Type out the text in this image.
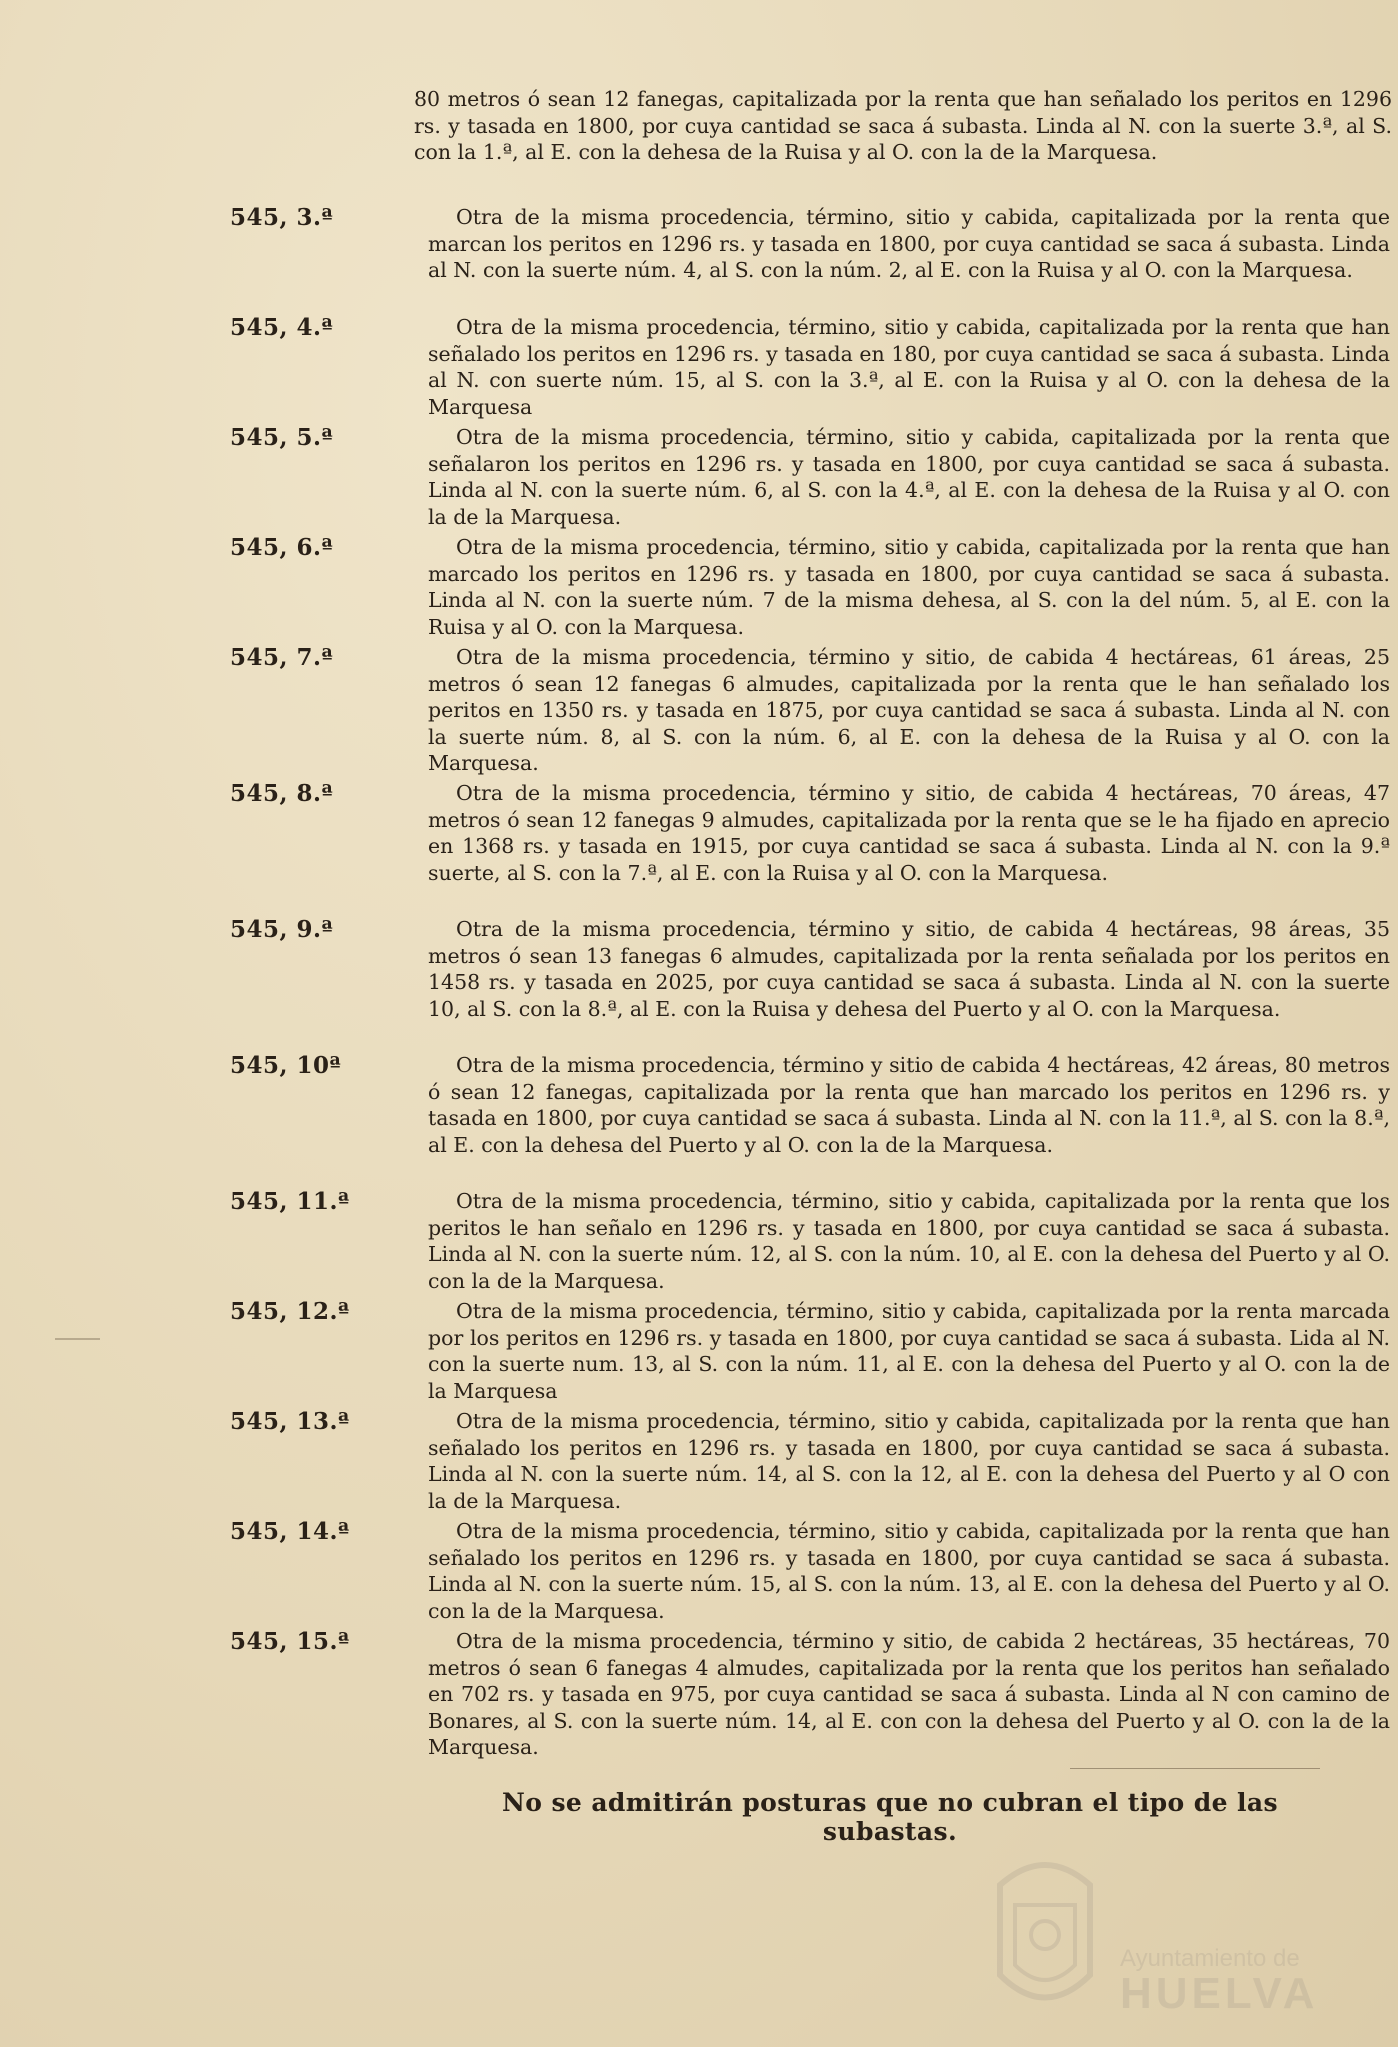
80 metros ó sean 12 fanegas, capitalizada por la renta que han señalado los peritos en 1296 rs. y tasada en 1800, por cuya cantidad se saca á subasta. Linda al N. con la suerte 3.ª, al S. con la 1.ª, al E. con la dehesa de la Ruisa y al O. con la de la Marquesa.
545, 3.ª	Otra de la misma procedencia, término, sitio y cabida, capitalizada por la renta que marcan los peritos en 1296 rs. y tasada en 1800, por cuya cantidad se saca á subasta. Linda al N. con la suerte núm. 4, al S. con la núm. 2, al E. con la Ruisa y al O. con la Marquesa.
545, 4.ª	Otra de la misma procedencia, término, sitio y cabida, capitalizada por la renta que han señalado los peritos en 1296 rs. y tasada en 180, por cuya cantidad se saca á subasta. Linda al N. con suerte núm. 15, al S. con la 3.ª, al E. con la Ruisa y al O. con la dehesa de la Marquesa
545, 5.ª	Otra de la misma procedencia, término, sitio y cabida, capitalizada por la renta que señalaron los peritos en 1296 rs. y tasada en 1800, por cuya cantidad se saca á subasta. Linda al N. con la suerte núm. 6, al S. con la 4.ª, al E. con la dehesa de la Ruisa y al O. con la de la Marquesa.
545, 6.ª	Otra de la misma procedencia, término, sitio y cabida, capitalizada por la renta que han marcado los peritos en 1296 rs. y tasada en 1800, por cuya cantidad se saca á subasta. Linda al N. con la suerte núm. 7 de la misma dehesa, al S. con la del núm. 5, al E. con la Ruisa y al O. con la Marquesa.
545, 7.ª	Otra de la misma procedencia, término y sitio, de cabida 4 hectáreas, 61 áreas, 25 metros ó sean 12 fanegas 6 almudes, capitalizada por la renta que le han señalado los peritos en 1350 rs. y tasada en 1875, por cuya cantidad se saca á subasta. Linda al N. con la suerte núm. 8, al S. con la núm. 6, al E. con la dehesa de la Ruisa y al O. con la Marquesa.
545, 8.ª	Otra de la misma procedencia, término y sitio, de cabida 4 hectáreas, 70 áreas, 47 metros ó sean 12 fanegas 9 almudes, capitalizada por la renta que se le ha fijado en aprecio en 1368 rs. y tasada en 1915, por cuya cantidad se saca á subasta. Linda al N. con la 9.ª suerte, al S. con la 7.ª, al E. con la Ruisa y al O. con la Marquesa.
545, 9.ª	Otra de la misma procedencia, término y sitio, de cabida 4 hectáreas, 98 áreas, 35 metros ó sean 13 fanegas 6 almudes, capitalizada por la renta señalada por los peritos en 1458 rs. y tasada en 2025, por cuya cantidad se saca á subasta. Linda al N. con la suerte 10, al S. con la 8.ª, al E. con la Ruisa y dehesa del Puerto y al O. con la Marquesa.
545, 10ª	Otra de la misma procedencia, término y sitio de cabida 4 hectáreas, 42 áreas, 80 metros ó sean 12 fanegas, capitalizada por la renta que han marcado los peritos en 1296 rs. y tasada en 1800, por cuya cantidad se saca á subasta. Linda al N. con la 11.ª, al S. con la 8.ª, al E. con la dehesa del Puerto y al O. con la de la Marquesa.
545, 11.ª	Otra de la misma procedencia, término, sitio y cabida, capitalizada por la renta que los peritos le han señalo en 1296 rs. y tasada en 1800, por cuya cantidad se saca á subasta. Linda al N. con la suerte núm. 12, al S. con la núm. 10, al E. con la dehesa del Puerto y al O. con la de la Marquesa.
545, 12.ª	Otra de la misma procedencia, término, sitio y cabida, capitalizada por la renta marcada por los peritos en 1296 rs. y tasada en 1800, por cuya cantidad se saca á subasta. Lida al N. con la suerte num. 13, al S. con la núm. 11, al E. con la dehesa del Puerto y al O. con la de la Marquesa
545, 13.ª	Otra de la misma procedencia, término, sitio y cabida, capitalizada por la renta que han señalado los peritos en 1296 rs. y tasada en 1800, por cuya cantidad se saca á subasta. Linda al N. con la suerte núm. 14, al S. con la 12, al E. con la dehesa del Puerto y al O con la de la Marquesa.
545, 14.ª	Otra de la misma procedencia, término, sitio y cabida, capitalizada por la renta que han señalado los peritos en 1296 rs. y tasada en 1800, por cuya cantidad se saca á subasta. Linda al N. con la suerte núm. 15, al S. con la núm. 13, al E. con la dehesa del Puerto y al O. con la de la Marquesa.
545, 15.ª	Otra de la misma procedencia, término y sitio, de cabida 2 hectáreas, 35 hectáreas, 70 metros ó sean 6 fanegas 4 almudes, capitalizada por la renta que los peritos han señalado en 702 rs. y tasada en 975, por cuya cantidad se saca á subasta. Linda al N con camino de Bonares, al S. con la suerte núm. 14, al E. con con la dehesa del Puerto y al O. con la de la Marquesa.
No se admitirán posturas que no cubran el tipo de las subastas.
Ayuntamiento de
HUELVA
